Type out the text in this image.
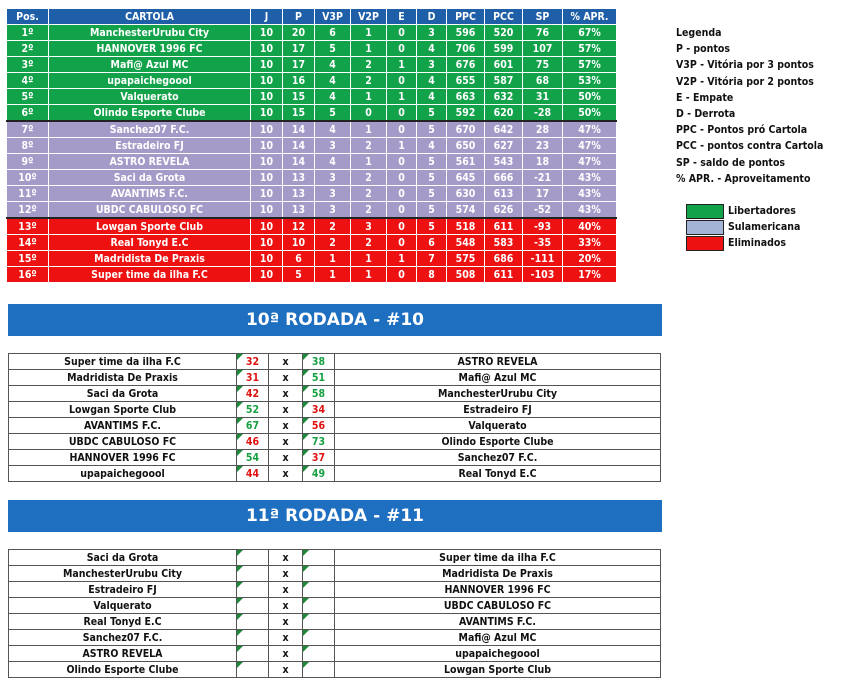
Pos.	CARTOLA	J	P	V3P	V2P	E	D	PPC	PCC	SP	% APR.
1º	ManchesterUrubu City	10	20	6	1	0	3	596	520	76	67%
2º	HANNOVER 1996 FC	10	17	5	1	0	4	706	599	107	57%
3º	Mafi@ Azul MC	10	17	4	2	1	3	676	601	75	57%
4º	upapaichegoool	10	16	4	2	0	4	655	587	68	53%
5º	Valquerato	10	15	4	1	1	4	663	632	31	50%
6º	Olindo Esporte Clube	10	15	5	0	0	5	592	620	-28	50%
7º	Sanchez07 F.C.	10	14	4	1	0	5	670	642	28	47%
8º	Estradeiro FJ	10	14	3	2	1	4	650	627	23	47%
9º	ASTRO REVELA	10	14	4	1	0	5	561	543	18	47%
10º	Saci da Grota	10	13	3	2	0	5	645	666	-21	43%
11º	AVANTIMS F.C.	10	13	3	2	0	5	630	613	17	43%
12º	UBDC CABULOSO FC	10	13	3	2	0	5	574	626	-52	43%
13º	Lowgan Sporte Club	10	12	2	3	0	5	518	611	-93	40%
14º	Real Tonyd E.C	10	10	2	2	0	6	548	583	-35	33%
15º	Madridista De Praxis	10	6	1	1	1	7	575	686	-111	20%
16º	Super time da ilha F.C	10	5	1	1	0	8	508	611	-103	17%
Legenda
P - pontos
V3P - Vitória por 3 pontos
V2P - Vitória por 2 pontos
E - Empate
D - Derrota
PPC - Pontos pró Cartola
PCC - pontos contra Cartola
SP - saldo de pontos
% APR. - Aproveitamento
Libertadores
Sulamericana
Eliminados
10ª RODADA - #10
Super time da ilha F.C	32	x	38	ASTRO REVELA
Madridista De Praxis	31	x	51	Mafi@ Azul MC
Saci da Grota	42	x	58	ManchesterUrubu City
Lowgan Sporte Club	52	x	34	Estradeiro FJ
AVANTIMS F.C.	67	x	56	Valquerato
UBDC CABULOSO FC	46	x	73	Olindo Esporte Clube
HANNOVER 1996 FC	54	x	37	Sanchez07 F.C.
upapaichegoool	44	x	49	Real Tonyd E.C
11ª RODADA - #11
Saci da Grota		x		Super time da ilha F.C
ManchesterUrubu City		x		Madridista De Praxis
Estradeiro FJ		x		HANNOVER 1996 FC
Valquerato		x		UBDC CABULOSO FC
Real Tonyd E.C		x		AVANTIMS F.C.
Sanchez07 F.C.		x		Mafi@ Azul MC
ASTRO REVELA		x		upapaichegoool
Olindo Esporte Clube		x		Lowgan Sporte Club
